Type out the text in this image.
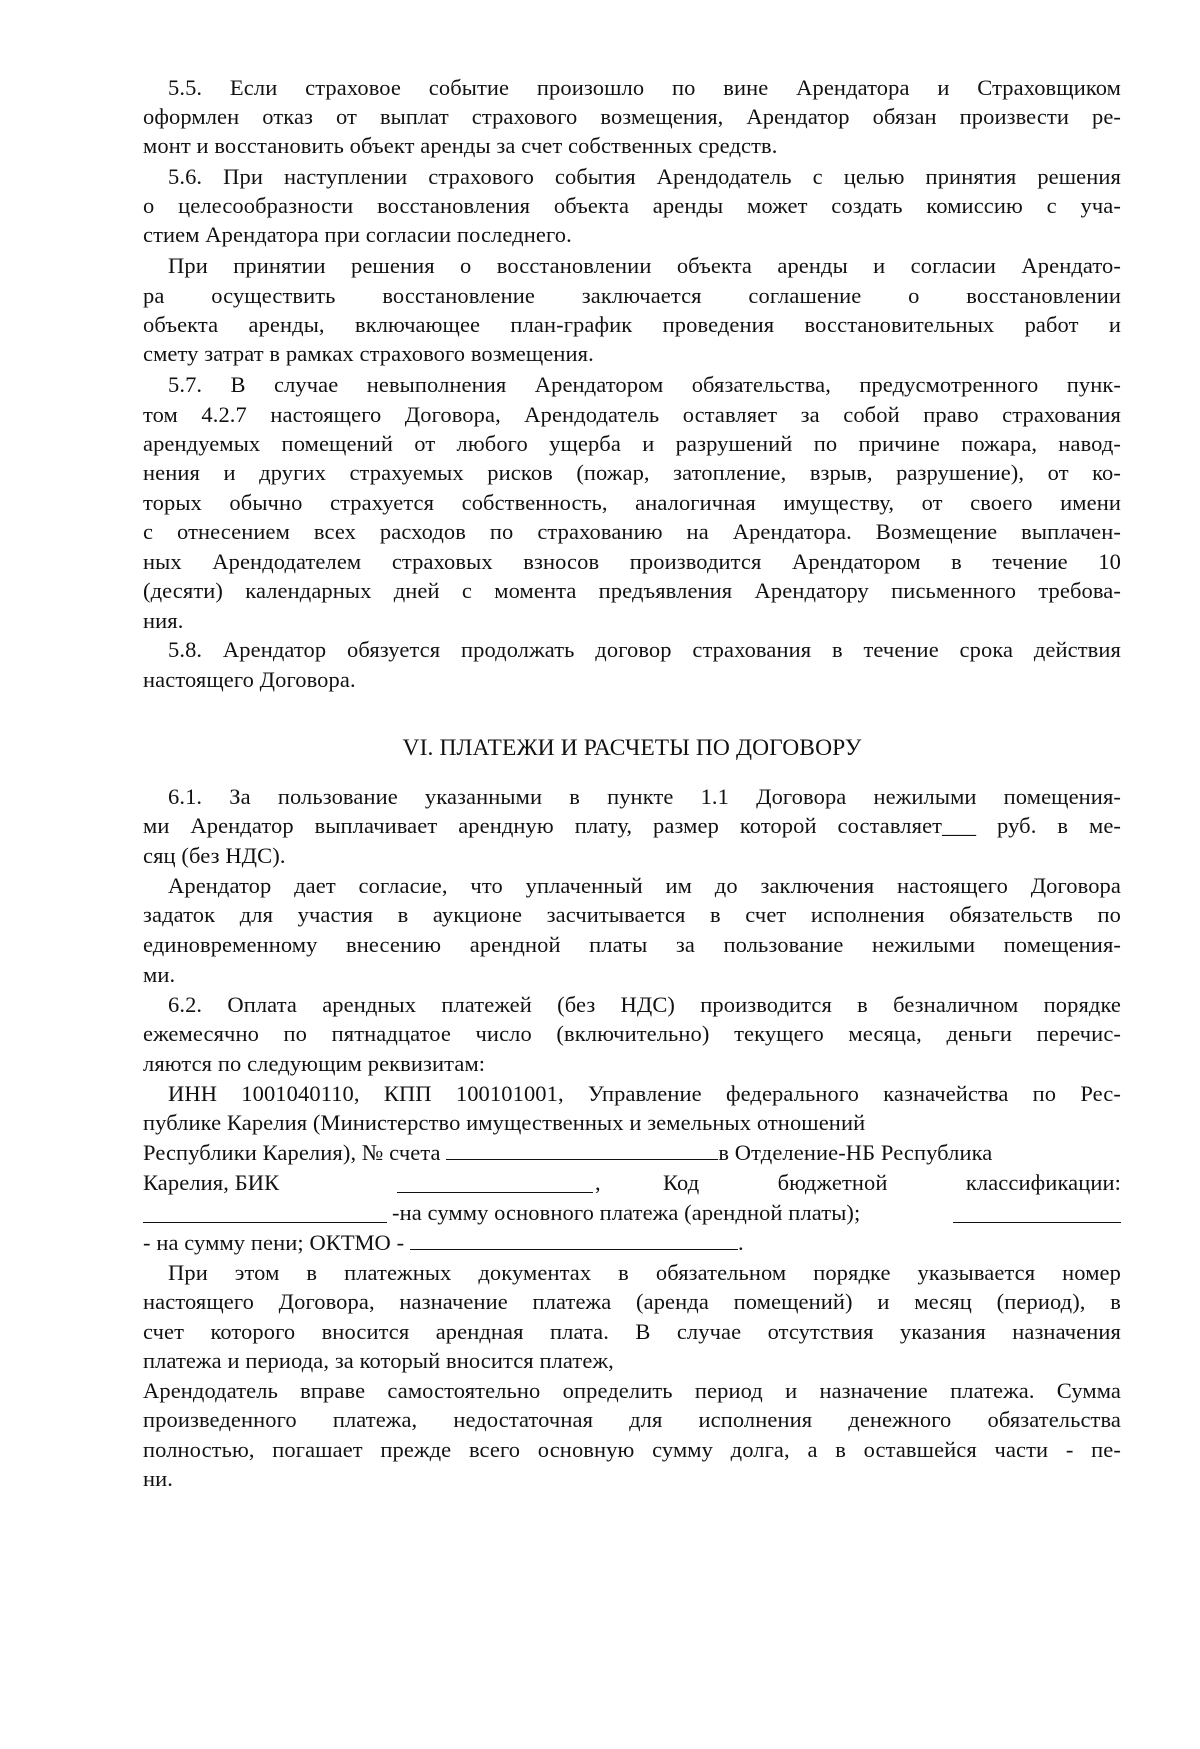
5.5. Если страховое событие произошло по вине Арендатора и Страховщиком
оформлен отказ от выплат страхового возмещения, Арендатор обязан произвести ре-
монт и восстановить объект аренды за счет собственных средств.
5.6. При наступлении страхового события Арендодатель с целью принятия решения
о целесообразности восстановления объекта аренды может создать комиссию с уча-
стием Арендатора при согласии последнего.
При принятии решения о восстановлении объекта аренды и согласии Арендато-
ра осуществить восстановление заключается соглашение о восстановлении
объекта аренды, включающее план-график проведения восстановительных работ и
смету затрат в рамках страхового возмещения.
5.7. В случае невыполнения Арендатором обязательства, предусмотренного пунк-
том 4.2.7 настоящего Договора, Арендодатель оставляет за собой право страхования
арендуемых помещений от любого ущерба и разрушений по причине пожара, навод-
нения и других страхуемых рисков (пожар, затопление, взрыв, разрушение), от ко-
торых обычно страхуется собственность, аналогичная имуществу, от своего имени
с отнесением всех расходов по страхованию на Арендатора. Возмещение выплачен-
ных Арендодателем страховых взносов производится Арендатором в течение 10
(десяти) календарных дней с момента предъявления Арендатору письменного требова-
ния.
5.8. Арендатор обязуется продолжать договор страхования в течение срока действия
настоящего Договора.
VI. ПЛАТЕЖИ И РАСЧЕТЫ ПО ДОГОВОРУ
6.1. За пользование указанными в пункте 1.1 Договора нежилыми помещения-
ми Арендатор выплачивает арендную плату, размер которой составляет___ руб. в ме-
сяц (без НДС).
Арендатор дает согласие, что уплаченный им до заключения настоящего Договора
задаток для участия в аукционе засчитывается в счет исполнения обязательств по
единовременному внесению арендной платы за пользование нежилыми помещения-
ми.
6.2. Оплата арендных платежей (без НДС) производится в безналичном порядке
ежемесячно по пятнадцатое число (включительно) текущего месяца, деньги перечис-
ляются по следующим реквизитам:
ИНН 1001040110, КПП 100101001, Управление федерального казначейства по Рес-
публике Карелия (Министерство имущественных и земельных отношений
Республики Карелия), № счета	в Отделение-НБ Республика
Карелия, БИК	,	Код бюджетной классификации:
-на сумму основного платежа (арендной платы);
- на сумму пени; ОКТМО -	.
При этом в платежных документах в обязательном порядке указывается номер
настоящего Договора, назначение платежа (аренда помещений) и месяц (период), в
счет которого вносится арендная плата. В случае отсутствия указания назначения
платежа и периода, за который вносится платеж,
Арендодатель вправе самостоятельно определить период и назначение платежа. Сумма
произведенного платежа, недостаточная для исполнения денежного обязательства
полностью, погашает прежде всего основную сумму долга, а в оставшейся части - пе-
ни.
